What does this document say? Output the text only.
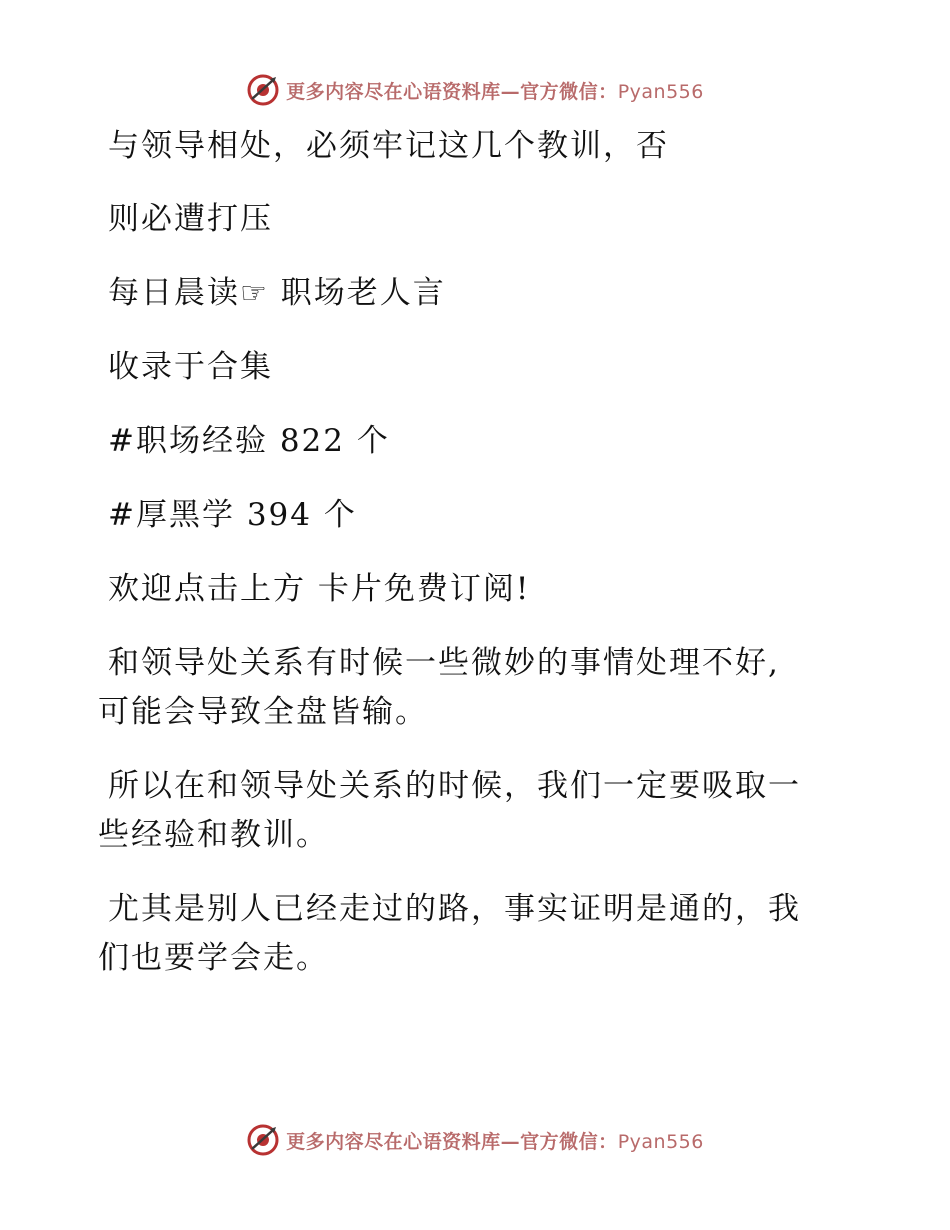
更多内容尽在心语资料库—官方微信：Pyan556

与领导相处，必须牢记这几个教训，否

则必遭打压

每日晨读☞ 职场老人言

收录于合集

#职场经验 822 个

#厚黑学 394 个

欢迎点击上方 卡片免费订阅!

和领导处关系有时候一些微妙的事情处理不好,

可能会导致全盘皆输。

所以在和领导处关系的时候，我们一定要吸取一

些经验和教训。

尤其是别人已经走过的路，事实证明是通的，我

们也要学会走。

更多内容尽在心语资料库—官方微信：Pyan556
